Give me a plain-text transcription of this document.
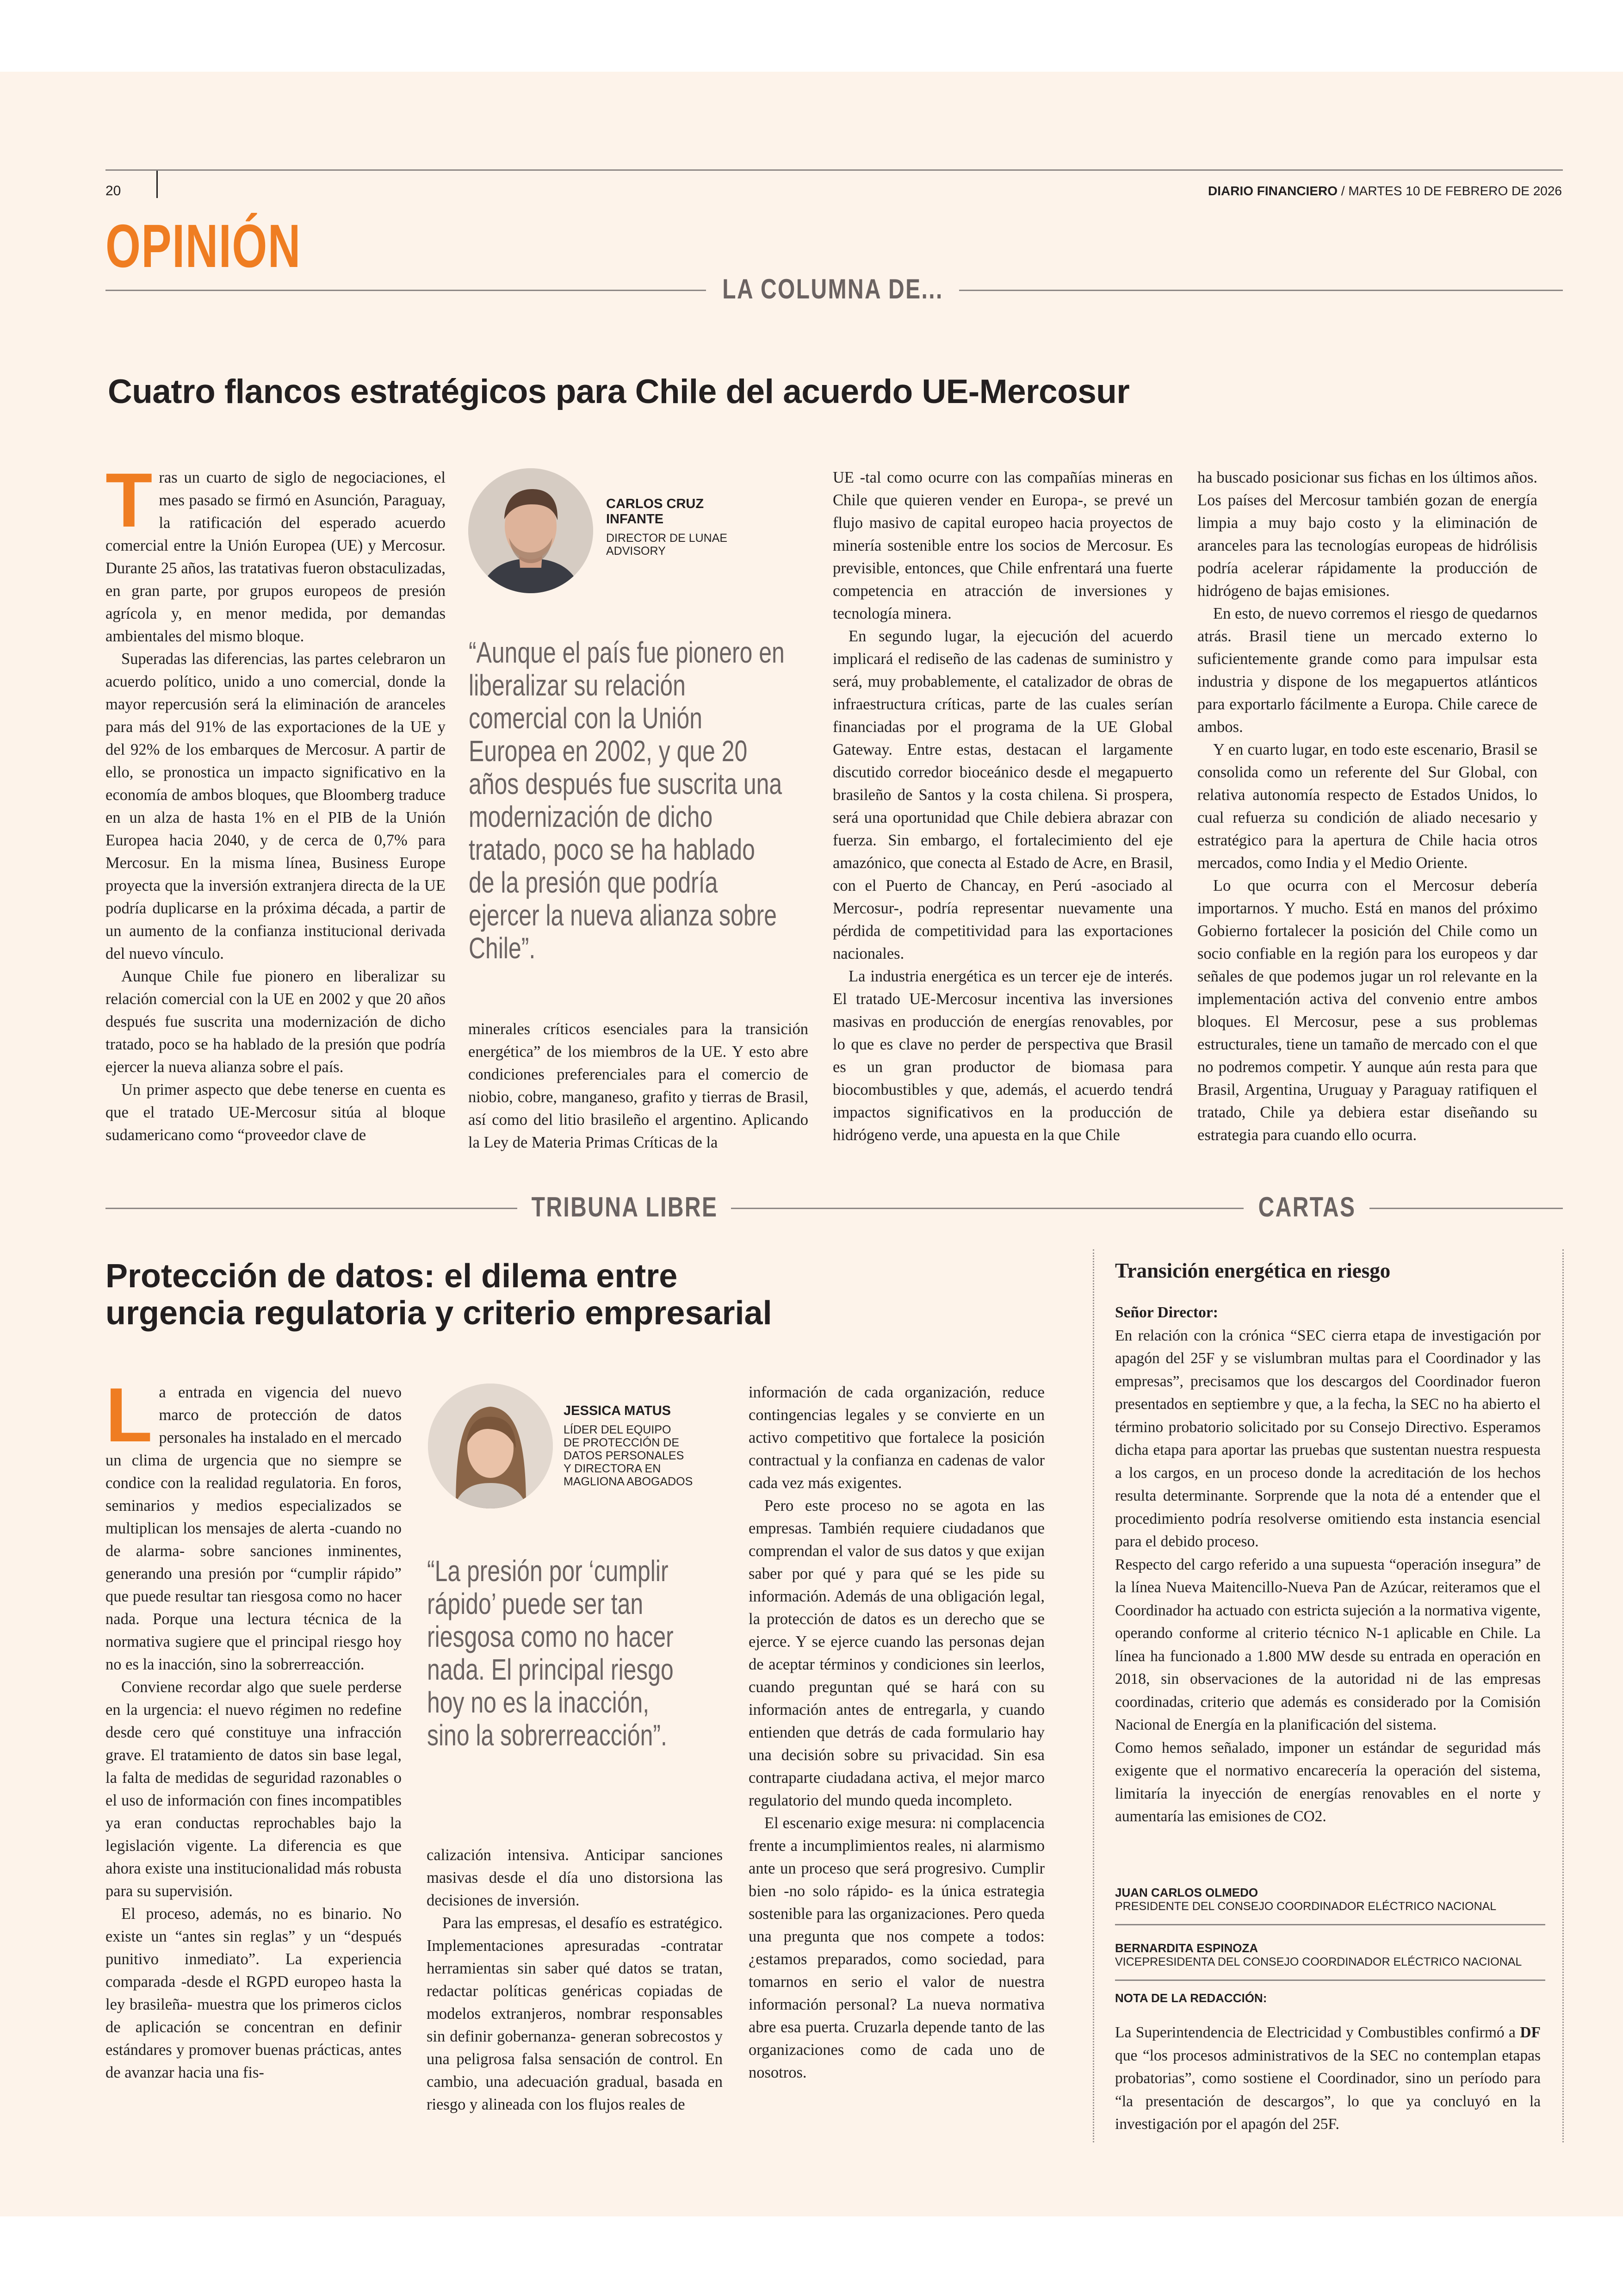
20	DIARIO FINANCIERO / MARTES 10 DE FEBRERO DE 2026
OPINIÓN
LA COLUMNA DE...
Cuatro flancos estratégicos para Chile del acuerdo UE-Mercosur

Tras un cuarto de siglo de negociaciones, el mes pasado se firmó en Asunción, Paraguay, la ratificación del esperado acuerdo comercial entre la Unión Europea (UE) y Mercosur. Durante 25 años, las tratativas fueron obstaculizadas, en gran parte, por grupos europeos de presión agrícola y, en menor medida, por demandas ambientales del mismo bloque.

Superadas las diferencias, las partes celebraron un acuerdo político, unido a uno comercial, donde la mayor repercusión será la eliminación de aranceles para más del 91% de las exportaciones de la UE y del 92% de los embarques de Mercosur. A partir de ello, se pronostica un impacto significativo en la economía de ambos bloques, que Bloomberg traduce en un alza de hasta 1% en el PIB de la Unión Europea hacia 2040, y de cerca de 0,7% para Mercosur. En la misma línea, Business Europe proyecta que la inversión extranjera directa de la UE podría duplicarse en la próxima década, a partir de un aumento de la confianza institucional derivada del nuevo vínculo.

Aunque Chile fue pionero en liberalizar su relación comercial con la UE en 2002 y que 20 años después fue suscrita una modernización de dicho tratado, poco se ha hablado de la presión que podría ejercer la nueva alianza sobre el país.

Un primer aspecto que debe tenerse en cuenta es que el tratado UE-Mercosur sitúa al bloque sudamericano como “proveedor clave de

CARLOS CRUZ
INFANTE
DIRECTOR DE LUNAE
ADVISORY
“Aunque el país fue pionero en liberalizar su relación comercial con la Unión Europea en 2002, y que 20 años después fue suscrita una modernización de dicho tratado, poco se ha hablado de la presión que podría ejercer la nueva alianza sobre Chile”.

minerales críticos esenciales para la transición energética” de los miembros de la UE. Y esto abre condiciones preferenciales para el comercio de niobio, cobre, manganeso, grafito y tierras de Brasil, así como del litio brasileño el argentino. Aplicando la Ley de Materia Primas Críticas de la

UE -tal como ocurre con las compañías mineras en Chile que quieren vender en Europa-, se prevé un flujo masivo de capital europeo hacia proyectos de minería sostenible entre los socios de Mercosur. Es previsible, entonces, que Chile enfrentará una fuerte competencia en atracción de inversiones y tecnología minera.

En segundo lugar, la ejecución del acuerdo implicará el rediseño de las cadenas de suministro y será, muy probablemente, el catalizador de obras de infraestructura críticas, parte de las cuales serían financiadas por el programa de la UE Global Gateway. Entre estas, destacan el largamente discutido corredor bioceánico desde el megapuerto brasileño de Santos y la costa chilena. Si prospera, será una oportunidad que Chile debiera abrazar con fuerza. Sin embargo, el fortalecimiento del eje amazónico, que conecta al Estado de Acre, en Brasil, con el Puerto de Chancay, en Perú -asociado al Mercosur-, podría representar nuevamente una pérdida de competitividad para las exportaciones nacionales.

La industria energética es un tercer eje de interés. El tratado UE-Mercosur incentiva las inversiones masivas en producción de energías renovables, por lo que es clave no perder de perspectiva que Brasil es un gran productor de biomasa para biocombustibles y que, además, el acuerdo tendrá impactos significativos en la producción de hidrógeno verde, una apuesta en la que Chile

ha buscado posicionar sus fichas en los últimos años. Los países del Mercosur también gozan de energía limpia a muy bajo costo y la eliminación de aranceles para las tecnologías europeas de hidrólisis podría acelerar rápidamente la producción de hidrógeno de bajas emisiones.

En esto, de nuevo corremos el riesgo de quedarnos atrás. Brasil tiene un mercado externo lo suficientemente grande como para impulsar esta industria y dispone de los megapuertos atlánticos para exportarlo fácilmente a Europa. Chile carece de ambos.

Y en cuarto lugar, en todo este escenario, Brasil se consolida como un referente del Sur Global, con relativa autonomía respecto de Estados Unidos, lo cual refuerza su condición de aliado necesario y estratégico para la apertura de Chile hacia otros mercados, como India y el Medio Oriente.

Lo que ocurra con el Mercosur debería importarnos. Y mucho. Está en manos del próximo Gobierno fortalecer la posición del Chile como un socio confiable en la región para los europeos y dar señales de que podemos jugar un rol relevante en la implementación activa del convenio entre ambos bloques. El Mercosur, pese a sus problemas estructurales, tiene un tamaño de mercado con el que no podremos competir. Y aunque aún resta para que Brasil, Argentina, Uruguay y Paraguay ratifiquen el tratado, Chile ya debiera estar diseñando su estrategia para cuando ello ocurra.

TRIBUNA LIBRE	CARTAS
Protección de datos: el dilema entre
urgencia regulatoria y criterio empresarial

La entrada en vigencia del nuevo marco de protección de datos personales ha instalado en el mercado un clima de urgencia que no siempre se condice con la realidad regulatoria. En foros, seminarios y medios especializados se multiplican los mensajes de alerta -cuando no de alarma- sobre sanciones inminentes, generando una presión por “cumplir rápido” que puede resultar tan riesgosa como no hacer nada. Porque una lectura técnica de la normativa sugiere que el principal riesgo hoy no es la inacción, sino la sobrerreacción.

Conviene recordar algo que suele perderse en la urgencia: el nuevo régimen no redefine desde cero qué constituye una infracción grave. El tratamiento de datos sin base legal, la falta de medidas de seguridad razonables o el uso de información con fines incompatibles ya eran conductas reprochables bajo la legislación vigente. La diferencia es que ahora existe una institucionalidad más robusta para su supervisión.

El proceso, además, no es binario. No existe un “antes sin reglas” y un “después punitivo inmediato”. La experiencia comparada -desde el RGPD europeo hasta la ley brasileña- muestra que los primeros ciclos de aplicación se concentran en definir estándares y promover buenas prácticas, antes de avanzar hacia una fis-

JESSICA MATUS
LÍDER DEL EQUIPO
DE PROTECCIÓN DE
DATOS PERSONALES
Y DIRECTORA EN
MAGLIONA ABOGADOS
“La presión por ‘cumplir rápido’ puede ser tan riesgosa como no hacer nada. El principal riesgo hoy no es la inacción, sino la sobrerreacción”.

calización intensiva. Anticipar sanciones masivas desde el día uno distorsiona las decisiones de inversión.

Para las empresas, el desafío es estratégico. Implementaciones apresuradas -contratar herramientas sin saber qué datos se tratan, redactar políticas genéricas copiadas de modelos extranjeros, nombrar responsables sin definir gobernanza- generan sobrecostos y una peligrosa falsa sensación de control. En cambio, una adecuación gradual, basada en riesgo y alineada con los flujos reales de

información de cada organización, reduce contingencias legales y se convierte en un activo competitivo que fortalece la posición contractual y la confianza en cadenas de valor cada vez más exigentes.

Pero este proceso no se agota en las empresas. También requiere ciudadanos que comprendan el valor de sus datos y que exijan saber por qué y para qué se les pide su información. Además de una obligación legal, la protección de datos es un derecho que se ejerce. Y se ejerce cuando las personas dejan de aceptar términos y condiciones sin leerlos, cuando preguntan qué se hará con su información antes de entregarla, y cuando entienden que detrás de cada formulario hay una decisión sobre su privacidad. Sin esa contraparte ciudadana activa, el mejor marco regulatorio del mundo queda incompleto.

El escenario exige mesura: ni complacencia frente a incumplimientos reales, ni alarmismo ante un proceso que será progresivo. Cumplir bien -no solo rápido- es la única estrategia sostenible para las organizaciones. Pero queda una pregunta que nos compete a todos: ¿estamos preparados, como sociedad, para tomarnos en serio el valor de nuestra información personal? La nueva normativa abre esa puerta. Cruzarla depende tanto de las organizaciones como de cada uno de nosotros.

Transición energética en riesgo

Señor Director:

En relación con la crónica “SEC cierra etapa de investigación por apagón del 25F y se vislumbran multas para el Coordinador y las empresas”, precisamos que los descargos del Coordinador fueron presentados en septiembre y que, a la fecha, la SEC no ha abierto el término probatorio solicitado por su Consejo Directivo. Esperamos dicha etapa para aportar las pruebas que sustentan nuestra respuesta a los cargos, en un proceso donde la acreditación de los hechos resulta determinante. Sorprende que la nota dé a entender que el procedimiento podría resolverse omitiendo esta instancia esencial para el debido proceso.

Respecto del cargo referido a una supuesta “operación insegura” de la línea Nueva Maitencillo-Nueva Pan de Azúcar, reiteramos que el Coordinador ha actuado con estricta sujeción a la normativa vigente, operando conforme al criterio técnico N-1 aplicable en Chile. La línea ha funcionado a 1.800 MW desde su entrada en operación en 2018, sin observaciones de la autoridad ni de las empresas coordinadas, criterio que además es considerado por la Comisión Nacional de Energía en la planificación del sistema.

Como hemos señalado, imponer un estándar de seguridad más exigente que el normativo encarecería la operación del sistema, limitaría la inyección de energías renovables en el norte y aumentaría las emisiones de CO2.

JUAN CARLOS OLMEDO
PRESIDENTE DEL CONSEJO COORDINADOR ELÉCTRICO NACIONAL
BERNARDITA ESPINOZA
VICEPRESIDENTA DEL CONSEJO COORDINADOR ELÉCTRICO NACIONAL
NOTA DE LA REDACCIÓN:

La Superintendencia de Electricidad y Combustibles confirmó a DF que “los procesos administrativos de la SEC no contemplan etapas probatorias”, como sostiene el Coordinador, sino un período para “la presentación de descargos”, lo que ya concluyó en la investigación por el apagón del 25F.
